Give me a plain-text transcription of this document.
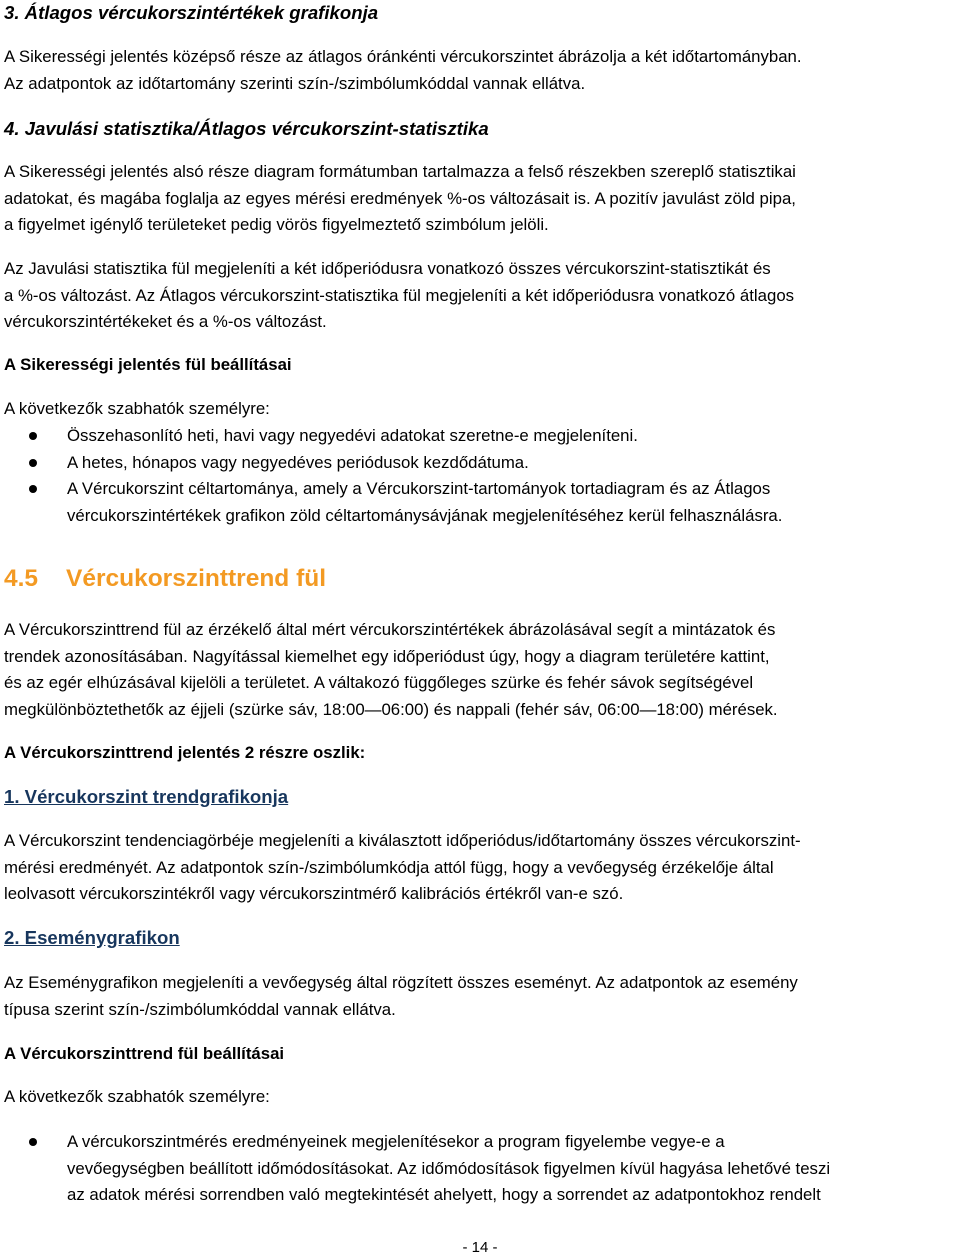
3. Átlagos vércukorszintértékek grafikonja
A Sikerességi jelentés középső része az átlagos óránkénti vércukorszintet ábrázolja a két időtartományban.
Az adatpontok az időtartomány szerinti szín-/szimbólumkóddal vannak ellátva.
4. Javulási statisztika/Átlagos vércukorszint-statisztika
A Sikerességi jelentés alsó része diagram formátumban tartalmazza a felső részekben szereplő statisztikai
adatokat, és magába foglalja az egyes mérési eredmények %-os változásait is. A pozitív javulást zöld pipa,
a figyelmet igénylő területeket pedig vörös figyelmeztető szimbólum jelöli.
Az Javulási statisztika fül megjeleníti a két időperiódusra vonatkozó összes vércukorszint-statisztikát és
a %-os változást. Az Átlagos vércukorszint-statisztika fül megjeleníti a két időperiódusra vonatkozó átlagos
vércukorszintértékeket és a %-os változást.
A Sikerességi jelentés fül beállításai
A következők szabhatók személyre:
Összehasonlító heti, havi vagy negyedévi adatokat szeretne-e megjeleníteni.
A hetes, hónapos vagy negyedéves periódusok kezdődátuma.
A Vércukorszint céltartománya, amely a Vércukorszint-tartományok tortadiagram és az Átlagos
vércukorszintértékek grafikon zöld céltartománysávjának megjelenítéséhez kerül felhasználásra.
4.5 Vércukorszinttrend fül
A Vércukorszinttrend fül az érzékelő által mért vércukorszintértékek ábrázolásával segít a mintázatok és
trendek azonosításában. Nagyítással kiemelhet egy időperiódust úgy, hogy a diagram területére kattint,
és az egér elhúzásával kijelöli a területet. A váltakozó függőleges szürke és fehér sávok segítségével
megkülönböztethetők az éjjeli (szürke sáv, 18:00—06:00) és nappali (fehér sáv, 06:00—18:00) mérések.
A Vércukorszinttrend jelentés 2 részre oszlik:
1. Vércukorszint trendgrafikonja
A Vércukorszint tendenciagörbéje megjeleníti a kiválasztott időperiódus/időtartomány összes vércukorszint-
mérési eredményét. Az adatpontok szín-/szimbólumkódja attól függ, hogy a vevőegység érzékelője által
leolvasott vércukorszintékről vagy vércukorszintmérő kalibrációs értékről van-e szó.
2. Eseménygrafikon
Az Eseménygrafikon megjeleníti a vevőegység által rögzített összes eseményt. Az adatpontok az esemény
típusa szerint szín-/szimbólumkóddal vannak ellátva.
A Vércukorszinttrend fül beállításai
A következők szabhatók személyre:
A vércukorszintmérés eredményeinek megjelenítésekor a program figyelembe vegye-e a
vevőegységben beállított időmódosításokat. Az időmódosítások figyelmen kívül hagyása lehetővé teszi
az adatok mérési sorrendben való megtekintését ahelyett, hogy a sorrendet az adatpontokhoz rendelt
- 14 -
